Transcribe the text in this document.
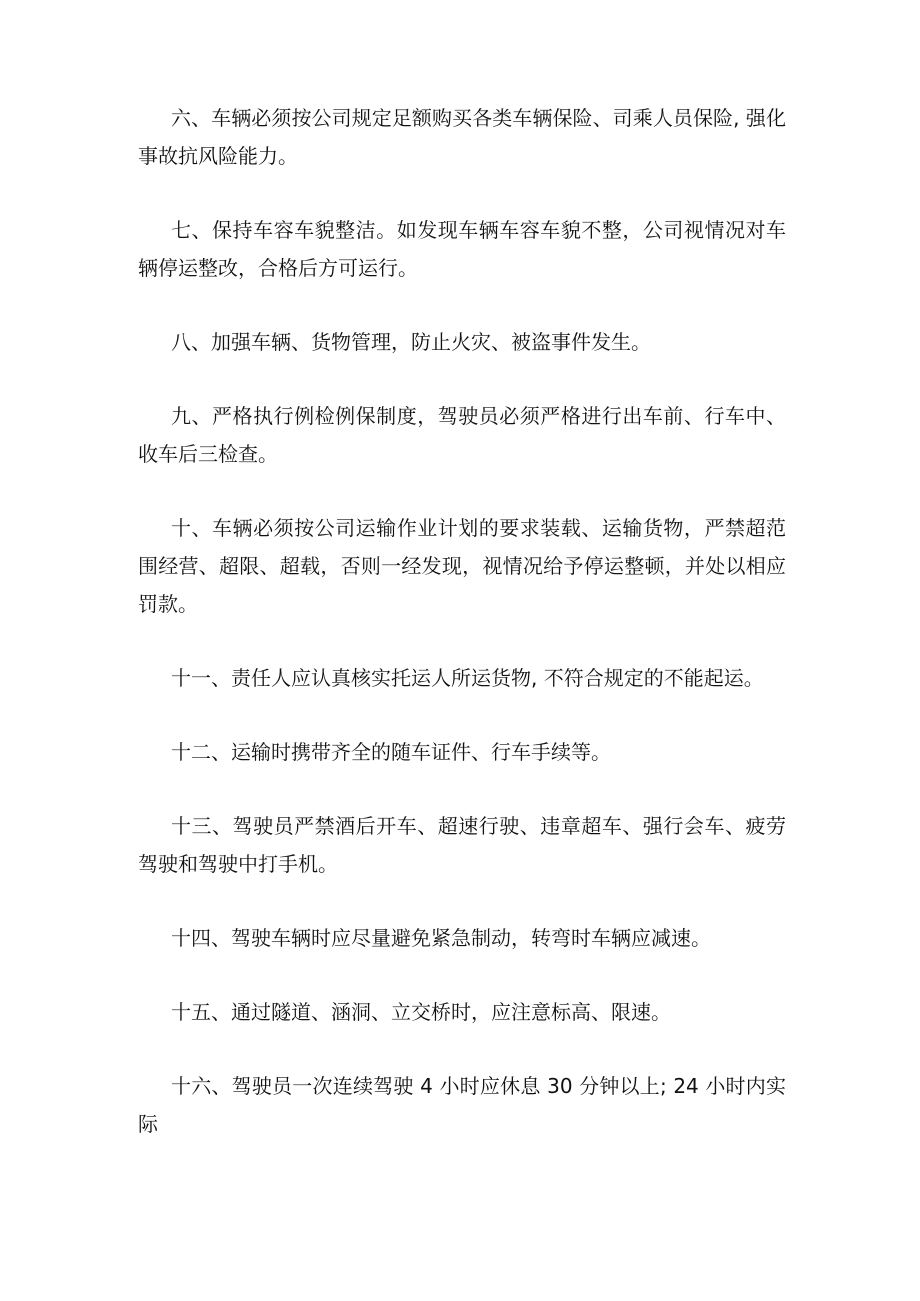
六、车辆必须按公司规定足额购买各类车辆保险、司乘人员保险, 强化事故抗风险能力。

七、保持车容车貌整洁。如发现车辆车容车貌不整，公司视情况对车辆停运整改，合格后方可运行。

八、加强车辆、货物管理，防止火灾、被盗事件发生。

九、严格执行例检例保制度，驾驶员必须严格进行出车前、行车中、收车后三检查。

十、车辆必须按公司运输作业计划的要求装载、运输货物，严禁超范围经营、超限、超载，否则一经发现，视情况给予停运整顿，并处以相应罚款。

十一、责任人应认真核实托运人所运货物, 不符合规定的不能起运。

十二、运输时携带齐全的随车证件、行车手续等。

十三、驾驶员严禁酒后开车、超速行驶、违章超车、强行会车、疲劳驾驶和驾驶中打手机。

十四、驾驶车辆时应尽量避免紧急制动，转弯时车辆应减速。

十五、通过隧道、涵洞、立交桥时，应注意标高、限速。

十六、驾驶员一次连续驾驶 4 小时应休息 30 分钟以上; 24 小时内实际
